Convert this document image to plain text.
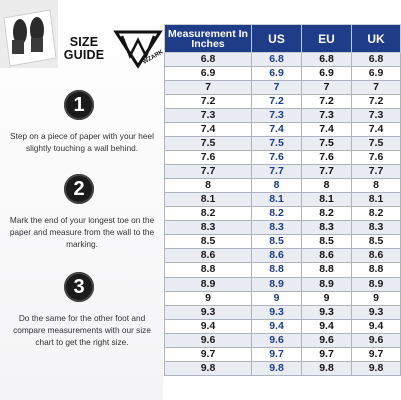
SIZE
GUIDE	WZARK
1
Step on a piece of paper with your heel slightly touching a wall behind.
2
Mark the end of your longest toe on the paper and measure from the wall to the marking.
3
Do the same for the other foot and compare measurements with our size chart to get the right size.
Measurement In Inches	US	EU	UK
6.8	6.8	6.8	6.8
6.9	6.9	6.9	6.9
7	7	7	7
7.2	7.2	7.2	7.2
7.3	7.3	7.3	7.3
7.4	7.4	7.4	7.4
7.5	7.5	7.5	7.5
7.6	7.6	7.6	7.6
7.7	7.7	7.7	7.7
8	8	8	8
8.1	8.1	8.1	8.1
8.2	8.2	8.2	8.2
8.3	8.3	8.3	8.3
8.5	8.5	8.5	8.5
8.6	8.6	8.6	8.6
8.8	8.8	8.8	8.8
8.9	8.9	8.9	8.9
9	9	9	9
9.3	9.3	9.3	9.3
9.4	9.4	9.4	9.4
9.6	9.6	9.6	9.6
9.7	9.7	9.7	9.7
9.8	9.8	9.8	9.8
